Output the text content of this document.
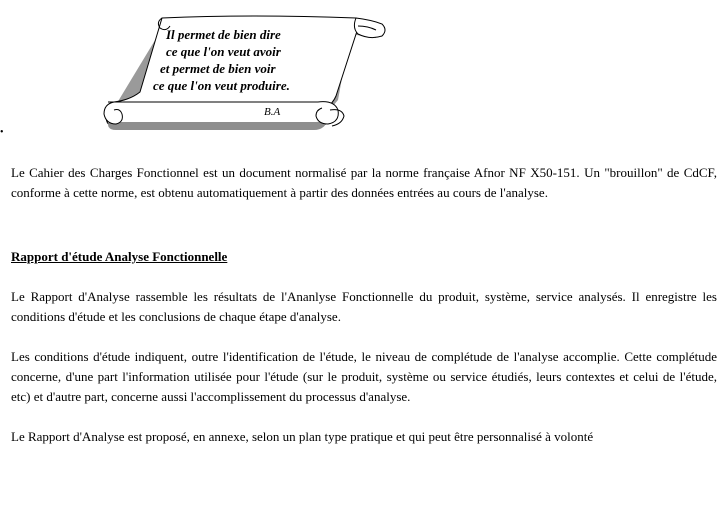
Il permet de bien dire
ce que l'on veut avoir
et permet de bien voir
ce que l'on veut produire.

B.A

•

Le Cahier des Charges Fonctionnel est un document normalisé par la norme française Afnor NF X50-151. Un "brouillon" de CdCF, conforme à cette norme, est obtenu automatiquement à partir des données entrées au cours de l'analyse.

Rapport d'étude Analyse Fonctionnelle

Le Rapport d'Analyse rassemble les résultats de l'Ananlyse Fonctionnelle du produit, système, service analysés. Il enregistre les conditions d'étude et les conclusions de chaque étape d'analyse.

Les conditions d'étude indiquent, outre l'identification de l'étude, le niveau de complétude de l'analyse accomplie. Cette complétude concerne, d'une part l'information utilisée pour l'étude (sur le produit, système ou service étudiés, leurs contextes et celui de l'étude, etc) et d'autre part, concerne aussi l'accomplissement du processus d'analyse.

Le Rapport d'Analyse est proposé, en annexe, selon un plan type pratique et qui peut être personnalisé à volonté
